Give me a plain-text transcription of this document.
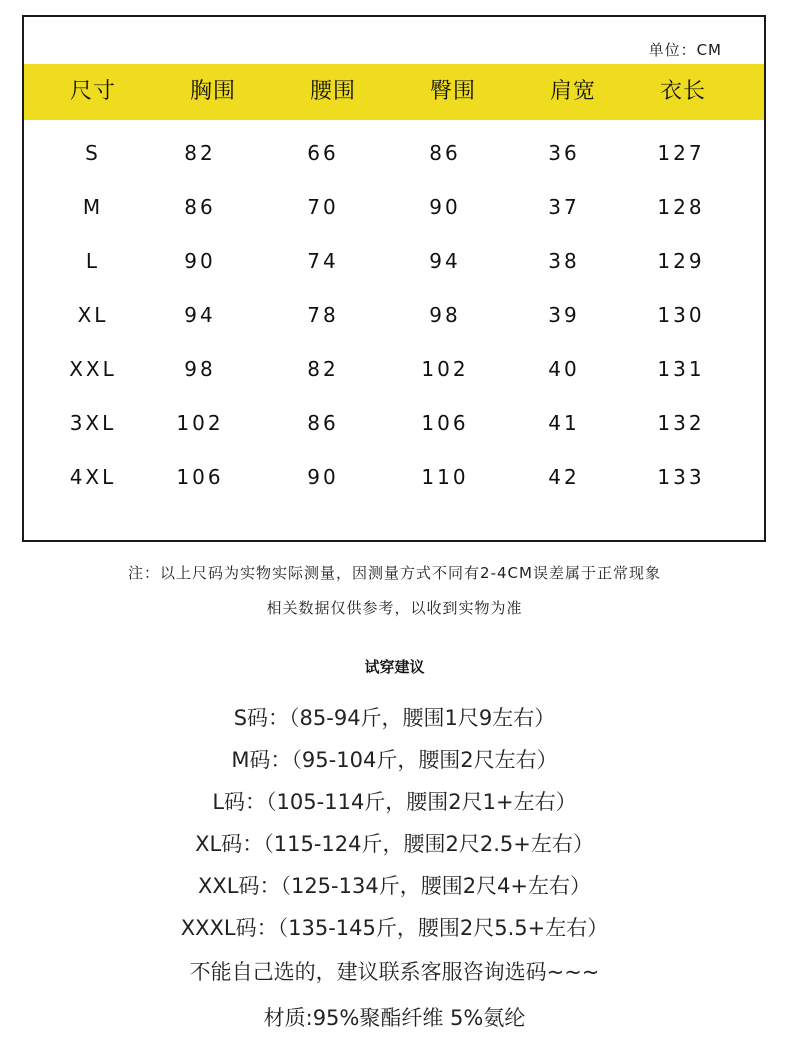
单位：CM
尺寸	胸围	腰围	臀围	肩宽	衣长
S	82	66	86	36	127
M	86	70	90	37	128
L	90	74	94	38	129
XL	94	78	98	39	130
XXL	98	82	102	40	131
3XL	102	86	106	41	132
4XL	106	90	110	42	133
注：以上尺码为实物实际测量，因测量方式不同有2-4CM误差属于正常现象
相关数据仅供参考，以收到实物为准
试穿建议
S码：（85-94斤，腰围1尺9左右）
M码：（95-104斤，腰围2尺左右）
L码：（105-114斤，腰围2尺1+左右）
XL码：（115-124斤，腰围2尺2.5+左右）
XXL码：（125-134斤，腰围2尺4+左右）
XXXL码：（135-145斤，腰围2尺5.5+左右）
不能自己选的，建议联系客服咨询选码~~~
材质:95%聚酯纤维 5%氨纶
